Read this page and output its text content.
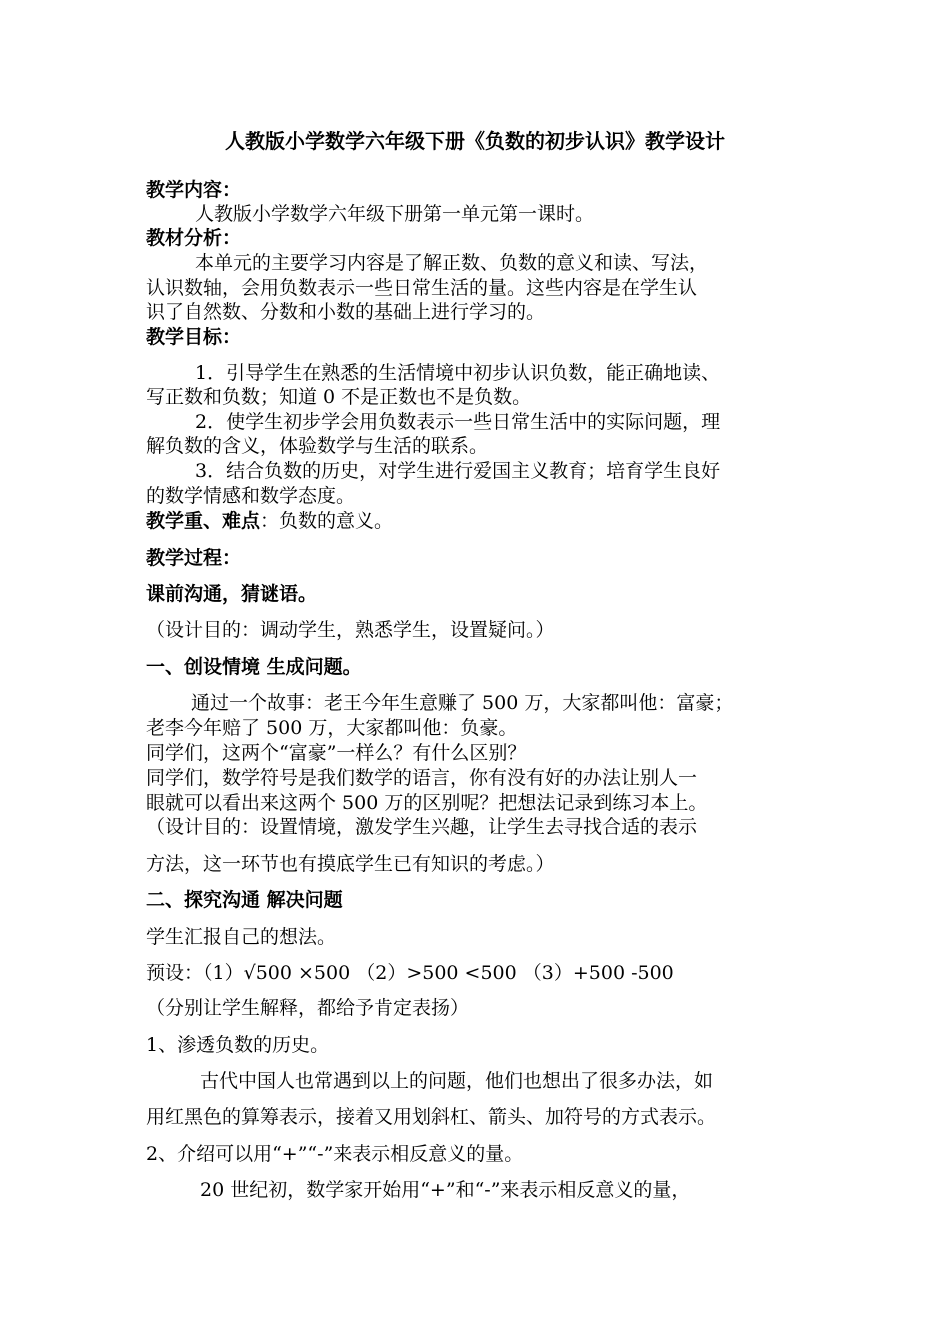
人教版小学数学六年级下册《负数的初步认识》教学设计
教学内容：
人教版小学数学六年级下册第一单元第一课时。
教材分析：
本单元的主要学习内容是了解正数、负数的意义和读、写法，
认识数轴，会用负数表示一些日常生活的量。这些内容是在学生认
识了自然数、分数和小数的基础上进行学习的。
教学目标：
1．引导学生在熟悉的生活情境中初步认识负数，能正确地读、
写正数和负数；知道 0 不是正数也不是负数。
2．使学生初步学会用负数表示一些日常生活中的实际问题，理
解负数的含义，体验数学与生活的联系。
3．结合负数的历史，对学生进行爱国主义教育；培育学生良好
的数学情感和数学态度。
教学重、难点：负数的意义。
教学过程：
课前沟通，猜谜语。
（设计目的：调动学生，熟悉学生，设置疑问。）
一、创设情境 生成问题。
通过一个故事：老王今年生意赚了 500 万，大家都叫他：富豪；
老李今年赔了 500 万，大家都叫他：负豪。
同学们，这两个“富豪”一样么？有什么区别？
同学们，数学符号是我们数学的语言，你有没有好的办法让别人一
眼就可以看出来这两个 500 万的区别呢？把想法记录到练习本上。
（设计目的：设置情境，激发学生兴趣，让学生去寻找合适的表示
方法，这一环节也有摸底学生已有知识的考虑。）
二、探究沟通 解决问题
学生汇报自己的想法。
预设：（1）√500 ×500 （2）>500 <500 （3）+500 -500
（分别让学生解释，都给予肯定表扬）
1、渗透负数的历史。
古代中国人也常遇到以上的问题，他们也想出了很多办法，如
用红黑色的算筹表示，接着又用划斜杠、箭头、加符号的方式表示。
2、介绍可以用“+”“-”来表示相反意义的量。
20 世纪初，数学家开始用“+”和“-”来表示相反意义的量，
